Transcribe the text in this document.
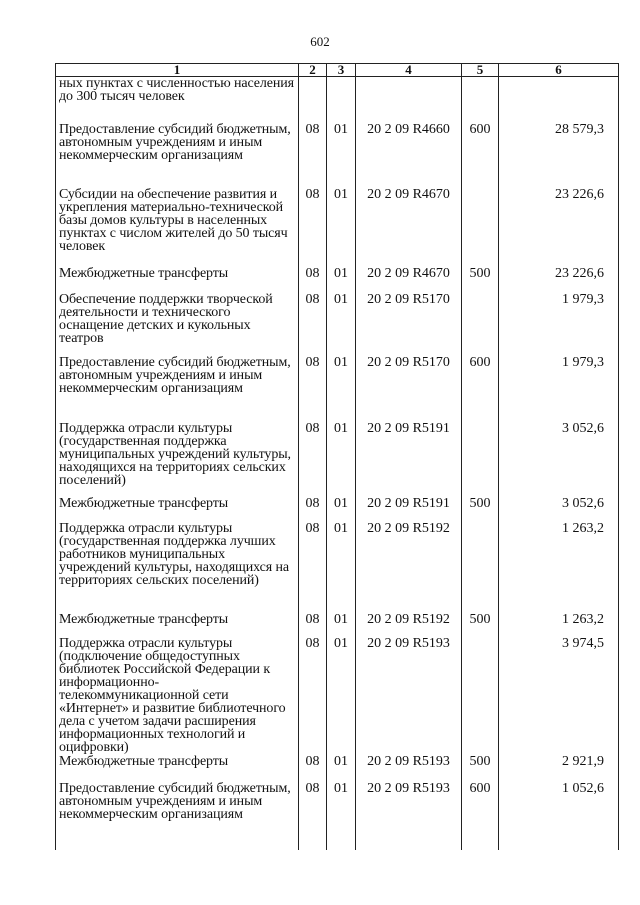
602
1	2	3	4	5	6
ных пунктах с численностью населения до 300 тысяч человек					
Предоставление субсидий бюджетным, автономным учреждениям и иным некоммерческим организациям	08	01	20 2 09 R4660	600	28 579,3
Субсидии на обеспечение развития и укрепления материально-технической базы домов культуры в населенных пунктах с числом жителей до 50 тысяч человек	08	01	20 2 09 R4670		23 226,6
Межбюджетные трансферты	08	01	20 2 09 R4670	500	23 226,6
Обеспечение поддержки творческой деятельности и технического оснащение детских и кукольных театров	08	01	20 2 09 R5170		1 979,3
Предоставление субсидий бюджетным, автономным учреждениям и иным некоммерческим организациям	08	01	20 2 09 R5170	600	1 979,3
Поддержка отрасли культуры (государственная поддержка муниципальных учреждений культуры, находящихся на территориях сельских поселений)	08	01	20 2 09 R5191		3 052,6
Межбюджетные трансферты	08	01	20 2 09 R5191	500	3 052,6
Поддержка отрасли культуры (государственная поддержка лучших работников муниципальных учреждений культуры, находящихся на территориях сельских поселений)	08	01	20 2 09 R5192		1 263,2
Межбюджетные трансферты	08	01	20 2 09 R5192	500	1 263,2
Поддержка отрасли культуры (подключение общедоступных библиотек Российской Федерации к информационно-телекоммуникационной сети «Интернет» и развитие библиотечного дела с учетом задачи расширения информационных технологий и оцифровки)	08	01	20 2 09 R5193		3 974,5
Межбюджетные трансферты	08	01	20 2 09 R5193	500	2 921,9
Предоставление субсидий бюджетным, автономным учреждениям и иным некоммерческим организациям	08	01	20 2 09 R5193	600	1 052,6
